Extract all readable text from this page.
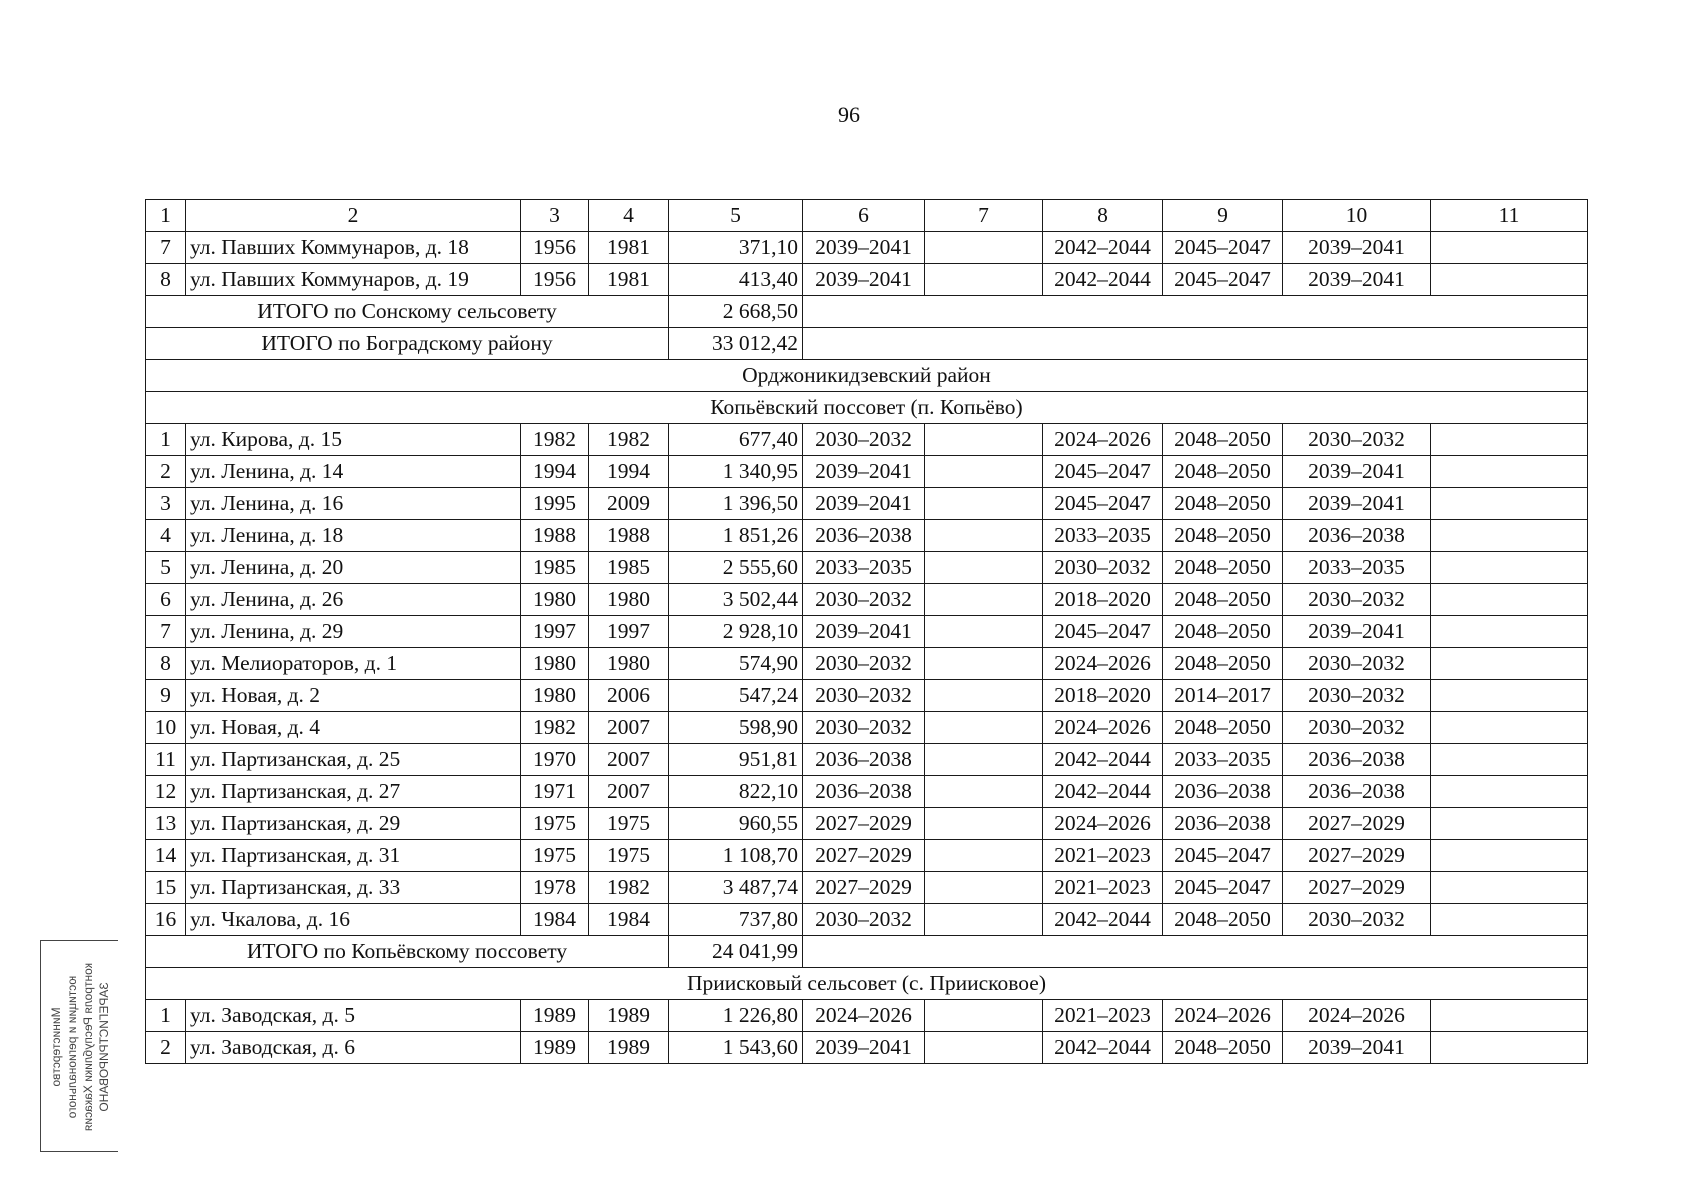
96
1	2	3	4	5	6	7	8	9	10	11
7	ул. Павших Коммунаров, д. 18	1956	1981	371,10	2039–2041		2042–2044	2045–2047	2039–2041	
8	ул. Павших Коммунаров, д. 19	1956	1981	413,40	2039–2041		2042–2044	2045–2047	2039–2041	
ИТОГО по Сонскому сельсовету				2 668,50						
ИТОГО по Боградскому району				33 012,42						
Орджоникидзевский район										
Копьёвский поссовет (п. Копьёво)										
1	ул. Кирова, д. 15	1982	1982	677,40	2030–2032		2024–2026	2048–2050	2030–2032	
2	ул. Ленина, д. 14	1994	1994	1 340,95	2039–2041		2045–2047	2048–2050	2039–2041	
3	ул. Ленина, д. 16	1995	2009	1 396,50	2039–2041		2045–2047	2048–2050	2039–2041	
4	ул. Ленина, д. 18	1988	1988	1 851,26	2036–2038		2033–2035	2048–2050	2036–2038	
5	ул. Ленина, д. 20	1985	1985	2 555,60	2033–2035		2030–2032	2048–2050	2033–2035	
6	ул. Ленина, д. 26	1980	1980	3 502,44	2030–2032		2018–2020	2048–2050	2030–2032	
7	ул. Ленина, д. 29	1997	1997	2 928,10	2039–2041		2045–2047	2048–2050	2039–2041	
8	ул. Мелиораторов, д. 1	1980	1980	574,90	2030–2032		2024–2026	2048–2050	2030–2032	
9	ул. Новая, д. 2	1980	2006	547,24	2030–2032		2018–2020	2014–2017	2030–2032	
10	ул. Новая, д. 4	1982	2007	598,90	2030–2032		2024–2026	2048–2050	2030–2032	
11	ул. Партизанская, д. 25	1970	2007	951,81	2036–2038		2042–2044	2033–2035	2036–2038	
12	ул. Партизанская, д. 27	1971	2007	822,10	2036–2038		2042–2044	2036–2038	2036–2038	
13	ул. Партизанская, д. 29	1975	1975	960,55	2027–2029		2024–2026	2036–2038	2027–2029	
14	ул. Партизанская, д. 31	1975	1975	1 108,70	2027–2029		2021–2023	2045–2047	2027–2029	
15	ул. Партизанская, д. 33	1978	1982	3 487,74	2027–2029		2021–2023	2045–2047	2027–2029	
16	ул. Чкалова, д. 16	1984	1984	737,80	2030–2032		2042–2044	2048–2050	2030–2032	
ИТОГО по Копьёвскому поссовету				24 041,99						
Приисковый сельсовет (с. Приисковое)										
1	ул. Заводская, д. 5	1989	1989	1 226,80	2024–2026		2021–2023	2024–2026	2024–2026	
2	ул. Заводская, д. 6	1989	1989	1 543,60	2039–2041		2042–2044	2048–2050	2039–2041	
Министерство юстиции и регионального контроля Республики Хакасия ЗАРЕГИСТРИРОВАНО
